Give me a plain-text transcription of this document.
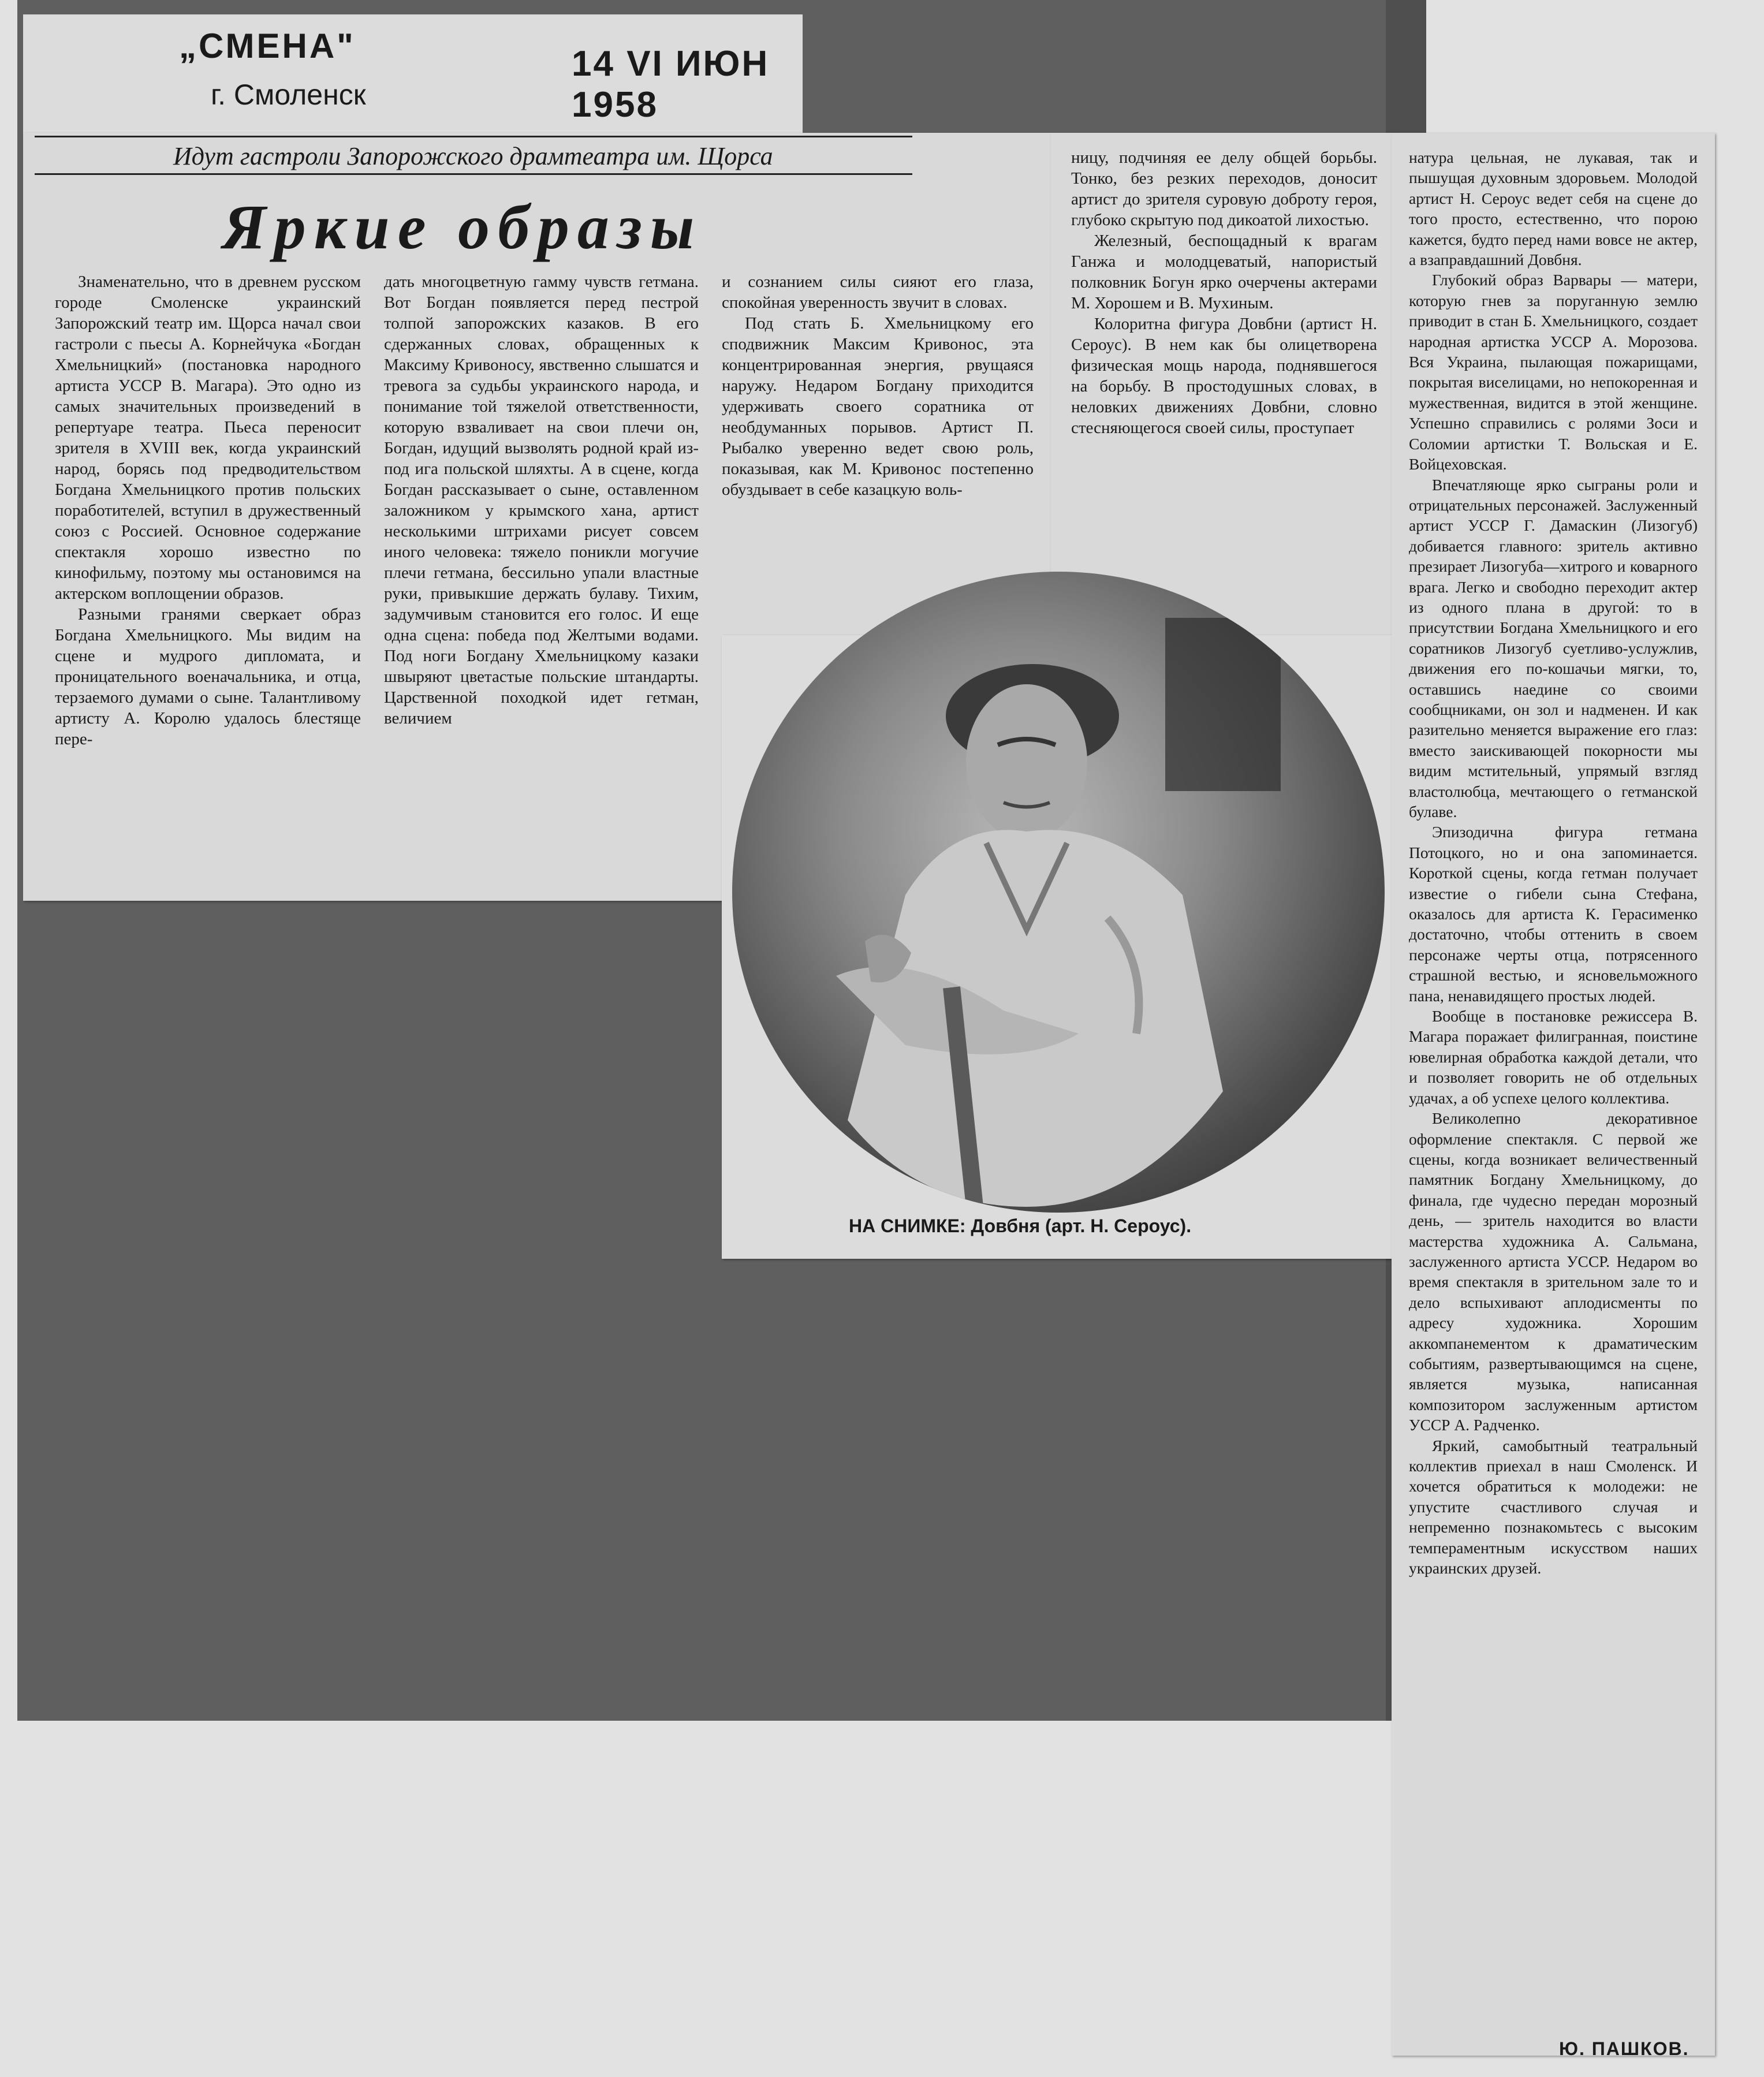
„СМЕНА"
г. Смоленск
14 VI ИЮН 1958
Идут гастроли Запорожского драмтеатра им. Щорса
Яркие образы

Знаменательно, что в древнем русском городе Смоленске украинский Запорожский театр им. Щорса начал свои гастроли с пьесы А. Корнейчука «Богдан Хмельницкий» (постановка народного артиста УССР В. Магара). Это одно из самых значительных произведений в репертуаре театра. Пьеса переносит зрителя в XVIII век, когда украинский народ, борясь под предводительством Богдана Хмельницкого против польских поработителей, вступил в дружественный союз с Россией. Основное содержание спектакля хорошо известно по кинофильму, поэтому мы остановимся на актерском воплощении образов.

Разными гранями сверкает образ Богдана Хмельницкого. Мы видим на сцене и мудрого дипломата, и проницательного военачальника, и отца, терзаемого думами о сыне. Талантливому артисту А. Королю удалось блестяще пере-

дать многоцветную гамму чувств гетмана. Вот Богдан появляется перед пестрой толпой запорожских казаков. В его сдержанных словах, обращенных к Максиму Кривоносу, явственно слышатся и тревога за судьбы украинского народа, и понимание той тяжелой ответственности, которую взваливает на свои плечи он, Богдан, идущий вызволять родной край из-под ига польской шляхты. А в сцене, когда Богдан рассказывает о сыне, оставленном заложником у крымского хана, артист несколькими штрихами рисует совсем иного человека: тяжело поникли могучие плечи гетмана, бессильно упали властные руки, привыкшие держать булаву. Тихим, задумчивым становится его голос. И еще одна сцена: победа под Желтыми водами. Под ноги Богдану Хмельницкому казаки швыряют цветастые польские штандарты. Царственной походкой идет гетман, величием

и сознанием силы сияют его глаза, спокойная уверенность звучит в словах.

Под стать Б. Хмельницкому его сподвижник Максим Кривонос, эта концентрированная энергия, рвущаяся наружу. Недаром Богдану приходится удерживать своего соратника от необдуманных порывов. Артист П. Рыбалко уверенно ведет свою роль, показывая, как М. Кривонос постепенно обуздывает в себе казацкую воль-

ницу, подчиняя ее делу общей борьбы. Тонко, без резких переходов, доносит артист до зрителя суровую доброту героя, глубоко скрытую под дикоатой лихостью.

Железный, беспощадный к врагам Ганжа и молодцеватый, напористый полковник Богун ярко очерчены актерами М. Хорошем и В. Мухиным.

Колоритна фигура Довбни (артист Н. Сероус). В нем как бы олицетворена физическая мощь народа, поднявшегося на борьбу. В простодушных словах, в неловких движениях Довбни, словно стесняющегося своей силы, проступает

натура цельная, не лукавая, так и пышущая духовным здоровьем. Молодой артист Н. Сероус ведет себя на сцене до того просто, естественно, что порою кажется, будто перед нами вовсе не актер, а взаправдашний Довбня.

Глубокий образ Варвары — матери, которую гнев за поруганную землю приводит в стан Б. Хмельницкого, создает народная артистка УССР А. Морозова. Вся Украина, пылающая пожарищами, покрытая виселицами, но непокоренная и мужественная, видится в этой женщине. Успешно справились с ролями Зоси и Соломии артистки Т. Вольская и Е. Войцеховская.

Впечатляюще ярко сыграны роли и отрицательных персонажей. Заслуженный артист УССР Г. Дамаскин (Лизогуб) добивается главного: зритель активно презирает Лизогуба—хитрого и коварного врага. Легко и свободно переходит актер из одного плана в другой: то в присутствии Богдана Хмельницкого и его соратников Лизогуб суетливо-услужлив, движения его по-кошачьи мягки, то, оставшись наедине со своими сообщниками, он зол и надменен. И как разительно меняется выражение его глаз: вместо заискивающей покорности мы видим мстительный, упрямый взгляд властолюбца, мечтающего о гетманской булаве.

Эпизодична фигура гетмана Потоцкого, но и она запоминается. Короткой сцены, когда гетман получает известие о гибели сына Стефана, оказалось для артиста К. Герасименко достаточно, чтобы оттенить в своем персонаже черты отца, потрясенного страшной вестью, и ясновельможного пана, ненавидящего простых людей.

Вообще в постановке режиссера В. Магара поражает филигранная, поистине ювелирная обработка каждой детали, что и позволяет говорить не об отдельных удачах, а об успехе целого коллектива.

Великолепно декоративное оформление спектакля. С первой же сцены, когда возникает величественный памятник Богдану Хмельницкому, до финала, где чудесно передан морозный день, — зритель находится во власти мастерства художника А. Сальмана, заслуженного артиста УССР. Недаром во время спектакля в зрительном зале то и дело вспыхивают аплодисменты по адресу художника. Хорошим аккомпанементом к драматическим событиям, развертывающимся на сцене, является музыка, написанная композитором заслуженным артистом УССР А. Радченко.

Яркий, самобытный театральный коллектив приехал в наш Смоленск. И хочется обратиться к молодежи: не упустите счастливого случая и непременно познакомьтесь с высоким темпераментным искусством наших украинских друзей.

Ю. ПАШКОВ.
НА СНИМКЕ: Довбня (арт. Н. Сероус).
